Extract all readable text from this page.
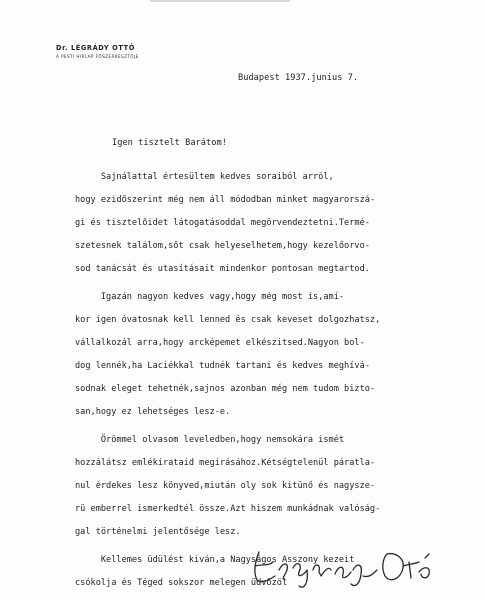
Dr. LÉGRÁDY OTTÓ
A PESTI HIRLAP FŐSZERKESZTŐJE
Budapest 1937.junius 7.
Igen tisztelt Barátom!
Sajnálattal értesültem kedves soraiból arról,
hogy ezidőszerint még nem áll módodban minket magyarorszá-
gi és tisztelőidet látogatásoddal megörvendeztetni.Termé-
szetesnek találom,sőt csak helyeselhetem,hogy kezelőorvo-
sod tanácsát és utasításait mindenkor pontosan megtartod.
Igazán nagyon kedves vagy,hogy még most is,amí-
kor igen óvatosnak kell lenned és csak keveset dolgozhatsz,
vállalkozál arra,hogy arcképemet elkészitsed.Nagyon bol-
dog lennék,ha Laciékkal tudnék tartani és kedves meghívá-
sodnak eleget tehetnék,sajnos azonban még nem tudom bizto-
san,hogy ez lehetséges lesz-e.
Örömmel olvasom leveledben,hogy nemsokára ismét
hozzálátsz emlékirataid megirásához.Kétségtelenül páratla-
nul érdekes lesz könyved,miután oly sok kitünő és nagysze-
rü emberrel ismerkedtél össze.Azt hiszem munkádnak valóság-
gal történelmi jelentősége lesz.
Kellemes üdülést kiván,a Nagyságos Asszony kezeit
csókolja és Téged sokszor melegen üdvözöl
